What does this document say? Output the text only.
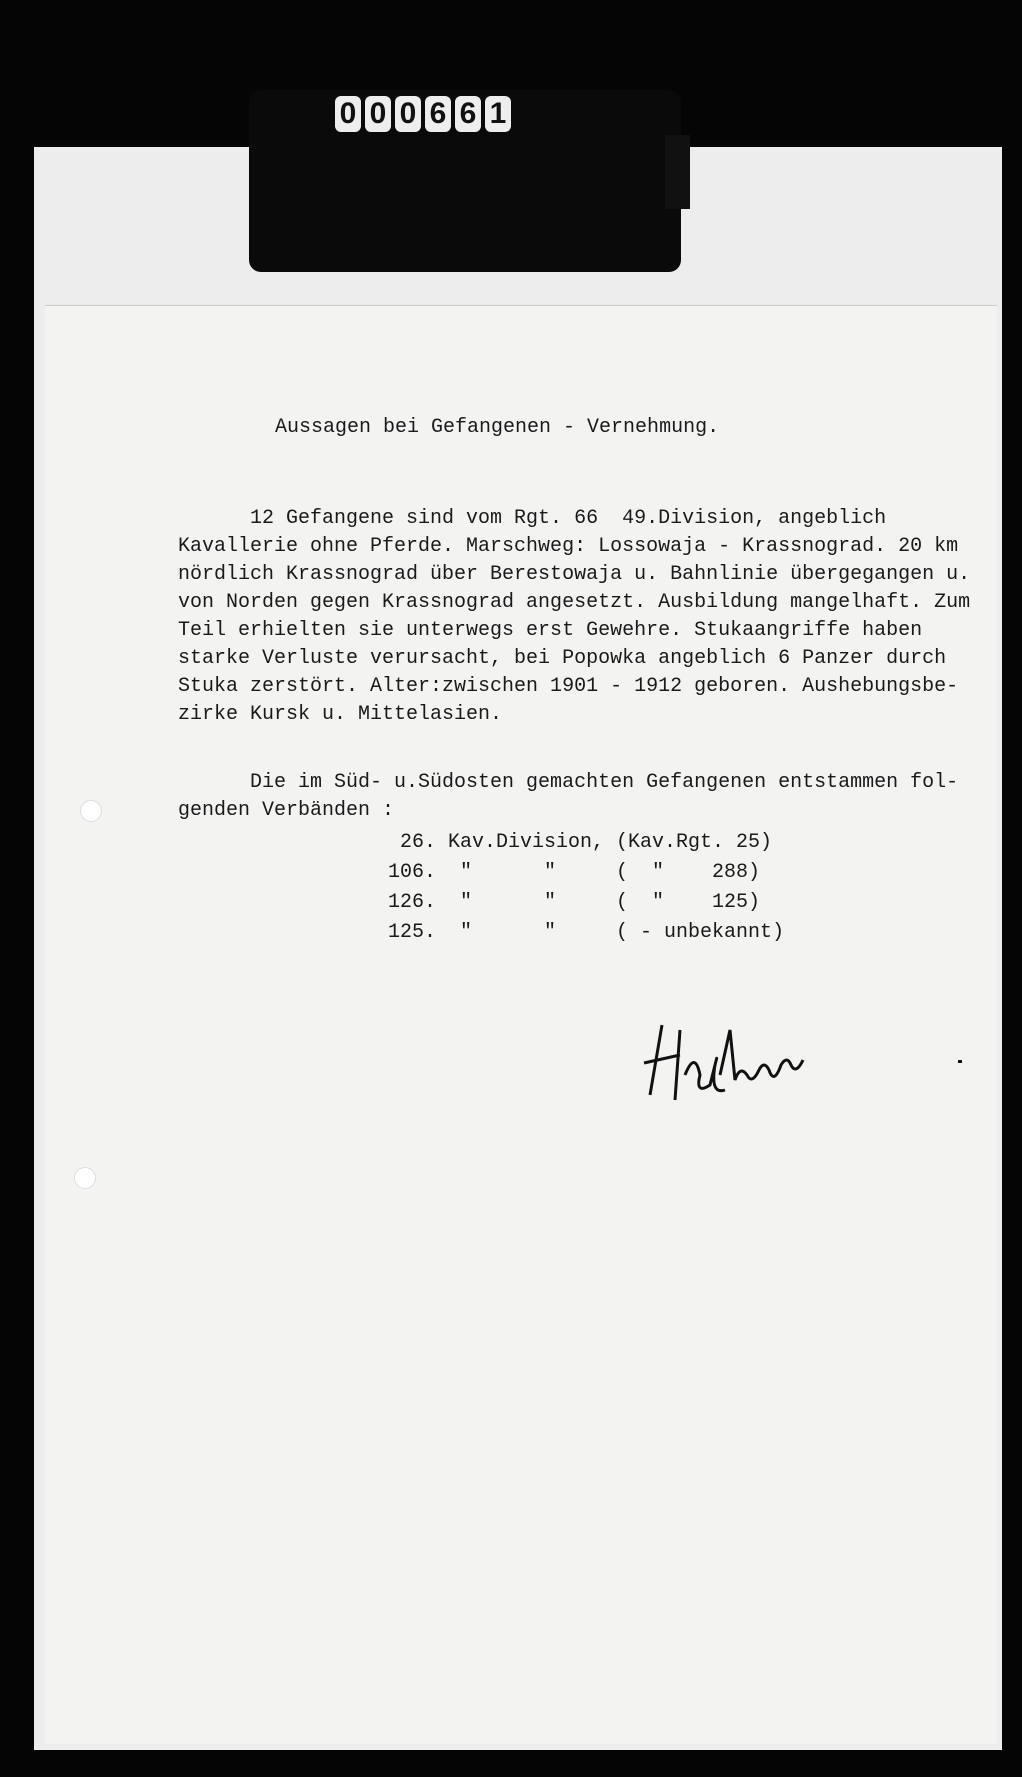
0 0 0 6 6 1
Aussagen bei Gefangenen - Vernehmung.
12 Gefangene sind vom Rgt. 66  49.Division, angeblich
Kavallerie ohne Pferde. Marschweg: Lossowaja - Krassnograd. 20 km
nördlich Krassnograd über Berestowaja u. Bahnlinie übergegangen u.
von Norden gegen Krassnograd angesetzt. Ausbildung mangelhaft. Zum
Teil erhielten sie unterwegs erst Gewehre. Stukaangriffe haben
starke Verluste verursacht, bei Popowka angeblich 6 Panzer durch
Stuka zerstört. Alter:zwischen 1901 - 1912 geboren. Aushebungsbe-
zirke Kursk u. Mittelasien.
Die im Süd- u.Südosten gemachten Gefangenen entstammen fol-
genden Verbänden :
26. Kav.Division, (Kav.Rgt. 25)
106.  "      "     (  "    288)
126.  "      "     (  "    125)
125.  "      "     ( - unbekannt)
